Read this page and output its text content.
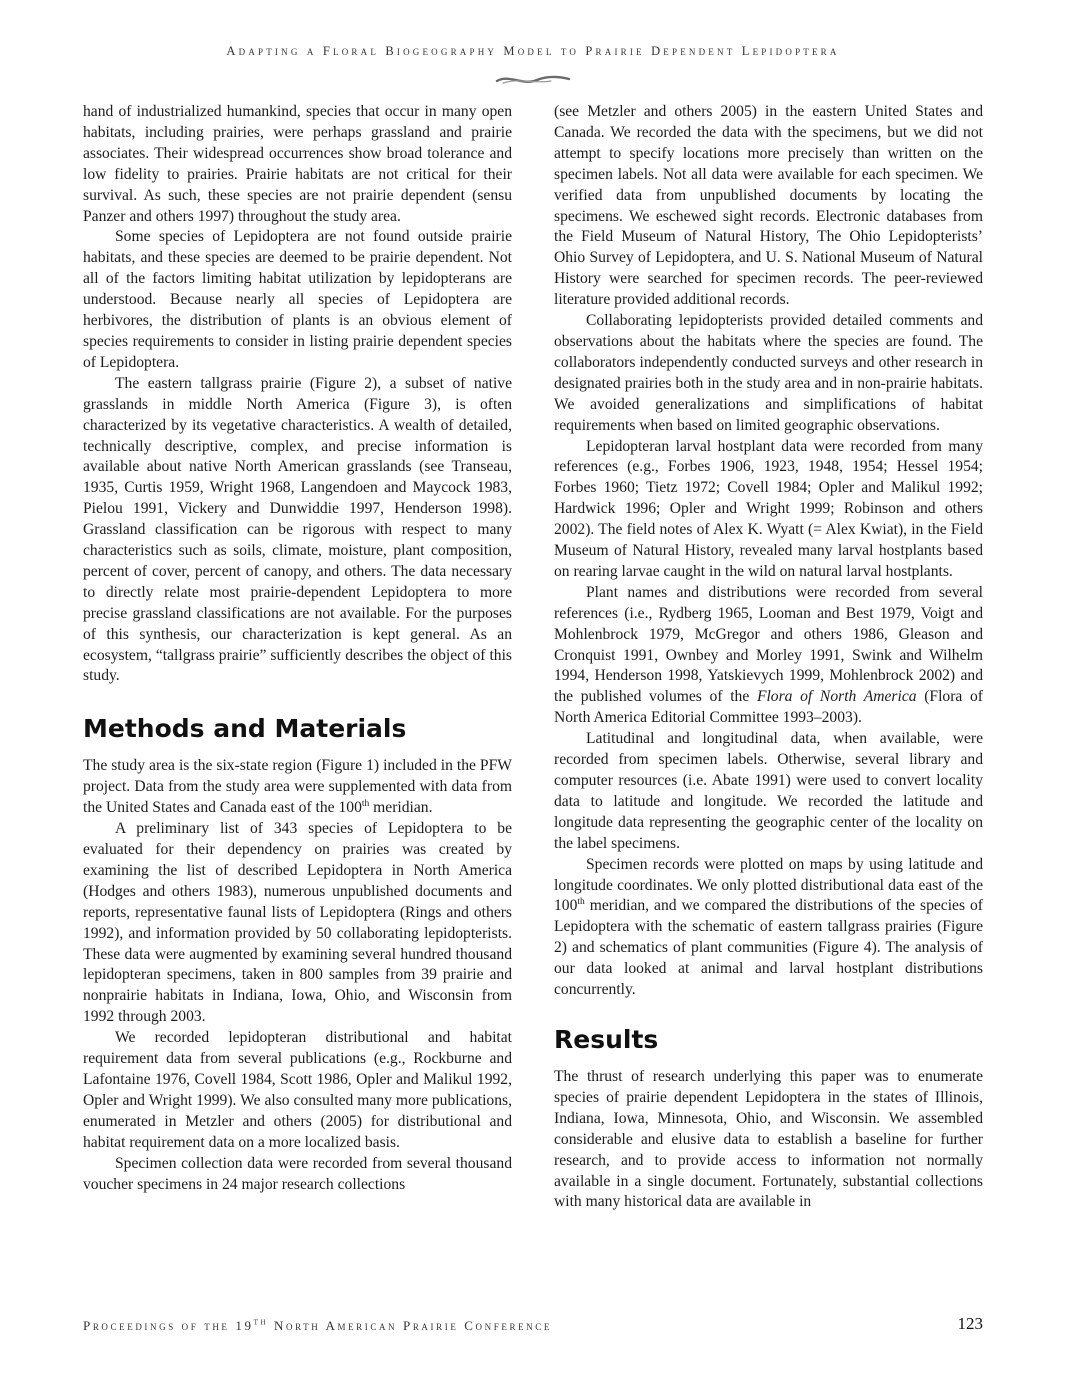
Adapting a Floral Biogeography Model to Prairie Dependent Lepidoptera

hand of industrialized humankind, species that occur in many open habitats, including prairies, were perhaps grassland and prairie associates. Their widespread occurrences show broad tolerance and low fidelity to prairies. Prairie habitats are not critical for their survival. As such, these species are not prairie dependent (sensu Panzer and others 1997) throughout the study area.

Some species of Lepidoptera are not found outside prairie habitats, and these species are deemed to be prairie dependent. Not all of the factors limiting habitat utilization by lepidopterans are understood. Because nearly all species of Lepidoptera are herbivores, the distribution of plants is an obvious element of species requirements to consider in listing prairie dependent species of Lepidoptera.

The eastern tallgrass prairie (Figure 2), a subset of native grasslands in middle North America (Figure 3), is often characterized by its vegetative characteristics. A wealth of detailed, technically descriptive, complex, and precise information is available about native North American grasslands (see Transeau, 1935, Curtis 1959, Wright 1968, Langendoen and Maycock 1983, Pielou 1991, Vickery and Dunwiddie 1997, Henderson 1998). Grassland classification can be rigorous with respect to many characteristics such as soils, climate, moisture, plant composition, percent of cover, percent of canopy, and others. The data necessary to directly relate most prairie-dependent Lepidoptera to more precise grassland classifications are not available. For the purposes of this synthesis, our characterization is kept general. As an ecosystem, “tallgrass prairie” sufficiently describes the object of this study.

Methods and Materials

The study area is the six-state region (Figure 1) included in the PFW project. Data from the study area were supplemented with data from the United States and Canada east of the 100th meridian.

A preliminary list of 343 species of Lepidoptera to be evaluated for their dependency on prairies was created by examining the list of described Lepidoptera in North America (Hodges and others 1983), numerous unpublished documents and reports, representative faunal lists of Lepidoptera (Rings and others 1992), and information provided by 50 collaborating lepidopterists. These data were augmented by examining several hundred thousand lepidopteran specimens, taken in 800 samples from 39 prairie and nonprairie habitats in Indiana, Iowa, Ohio, and Wisconsin from 1992 through 2003.

We recorded lepidopteran distributional and habitat requirement data from several publications (e.g., Rockburne and Lafontaine 1976, Covell 1984, Scott 1986, Opler and Malikul 1992, Opler and Wright 1999). We also consulted many more publications, enumerated in Metzler and others (2005) for distributional and habitat requirement data on a more localized basis.

Specimen collection data were recorded from several thousand voucher specimens in 24 major research collections

(see Metzler and others 2005) in the eastern United States and Canada. We recorded the data with the specimens, but we did not attempt to specify locations more precisely than written on the specimen labels. Not all data were available for each specimen. We verified data from unpublished documents by locating the specimens. We eschewed sight records. Electronic databases from the Field Museum of Natural History, The Ohio Lepidopterists’ Ohio Survey of Lepidoptera, and U. S. National Museum of Natural History were searched for specimen records. The peer-reviewed literature provided additional records.

Collaborating lepidopterists provided detailed comments and observations about the habitats where the species are found. The collaborators independently conducted surveys and other research in designated prairies both in the study area and in non-prairie habitats. We avoided generalizations and simplifications of habitat requirements when based on limited geographic observations.

Lepidopteran larval hostplant data were recorded from many references (e.g., Forbes 1906, 1923, 1948, 1954; Hessel 1954; Forbes 1960; Tietz 1972; Covell 1984; Opler and Malikul 1992; Hardwick 1996; Opler and Wright 1999; Robinson and others 2002). The field notes of Alex K. Wyatt (= Alex Kwiat), in the Field Museum of Natural History, revealed many larval hostplants based on rearing larvae caught in the wild on natural larval hostplants.

Plant names and distributions were recorded from several references (i.e., Rydberg 1965, Looman and Best 1979, Voigt and Mohlenbrock 1979, McGregor and others 1986, Gleason and Cronquist 1991, Ownbey and Morley 1991, Swink and Wilhelm 1994, Henderson 1998, Yatskievych 1999, Mohlenbrock 2002) and the published volumes of the Flora of North America (Flora of North America Editorial Committee 1993–2003).

Latitudinal and longitudinal data, when available, were recorded from specimen labels. Otherwise, several library and computer resources (i.e. Abate 1991) were used to convert locality data to latitude and longitude. We recorded the latitude and longitude data representing the geographic center of the locality on the label specimens.

Specimen records were plotted on maps by using latitude and longitude coordinates. We only plotted distributional data east of the 100th meridian, and we compared the distributions of the species of Lepidoptera with the schematic of eastern tallgrass prairies (Figure 2) and schematics of plant communities (Figure 4). The analysis of our data looked at animal and larval hostplant distributions concurrently.

Results

The thrust of research underlying this paper was to enumerate species of prairie dependent Lepidoptera in the states of Illinois, Indiana, Iowa, Minnesota, Ohio, and Wisconsin. We assembled considerable and elusive data to establish a baseline for further research, and to provide access to information not normally available in a single document. Fortunately, substantial collections with many historical data are available in

Proceedings of the 19th North American Prairie Conference	123
